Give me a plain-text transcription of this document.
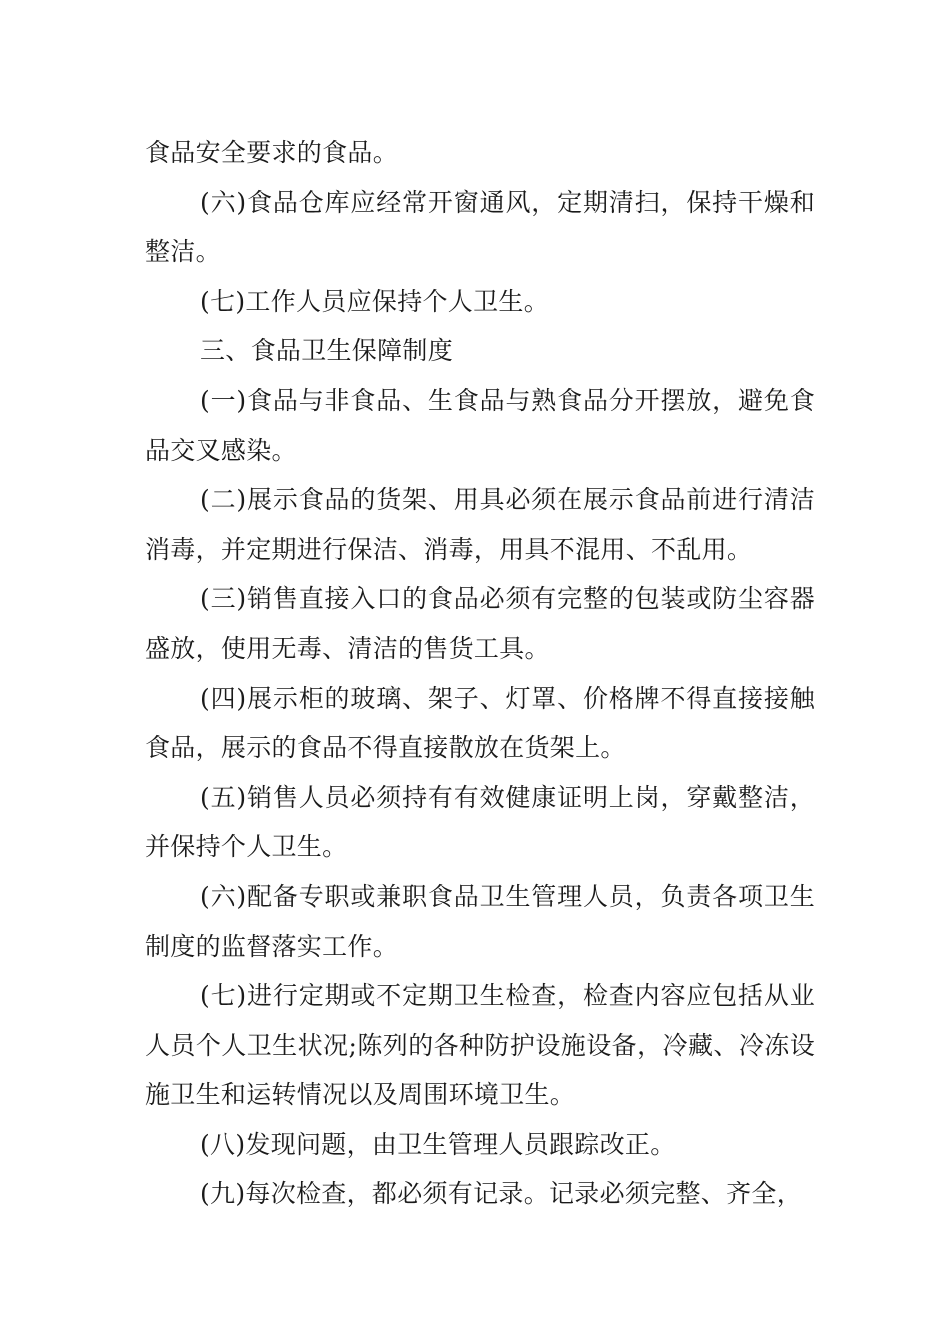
食品安全要求的食品。

(六)食品仓库应经常开窗通风，定期清扫，保持干燥和整洁。

(七)工作人员应保持个人卫生。

三、食品卫生保障制度

(一)食品与非食品、生食品与熟食品分开摆放，避免食品交叉感染。

(二)展示食品的货架、用具必须在展示食品前进行清洁消毒，并定期进行保洁、消毒，用具不混用、不乱用。

(三)销售直接入口的食品必须有完整的包装或防尘容器盛放，使用无毒、清洁的售货工具。

(四)展示柜的玻璃、架子、灯罩、价格牌不得直接接触食品，展示的食品不得直接散放在货架上。

(五)销售人员必须持有有效健康证明上岗，穿戴整洁，并保持个人卫生。

(六)配备专职或兼职食品卫生管理人员，负责各项卫生制度的监督落实工作。

(七)进行定期或不定期卫生检查，检查内容应包括从业人员个人卫生状况;陈列的各种防护设施设备，冷藏、冷冻设施卫生和运转情况以及周围环境卫生。

(八)发现问题，由卫生管理人员跟踪改正。

(九)每次检查，都必须有记录。记录必须完整、齐全，
